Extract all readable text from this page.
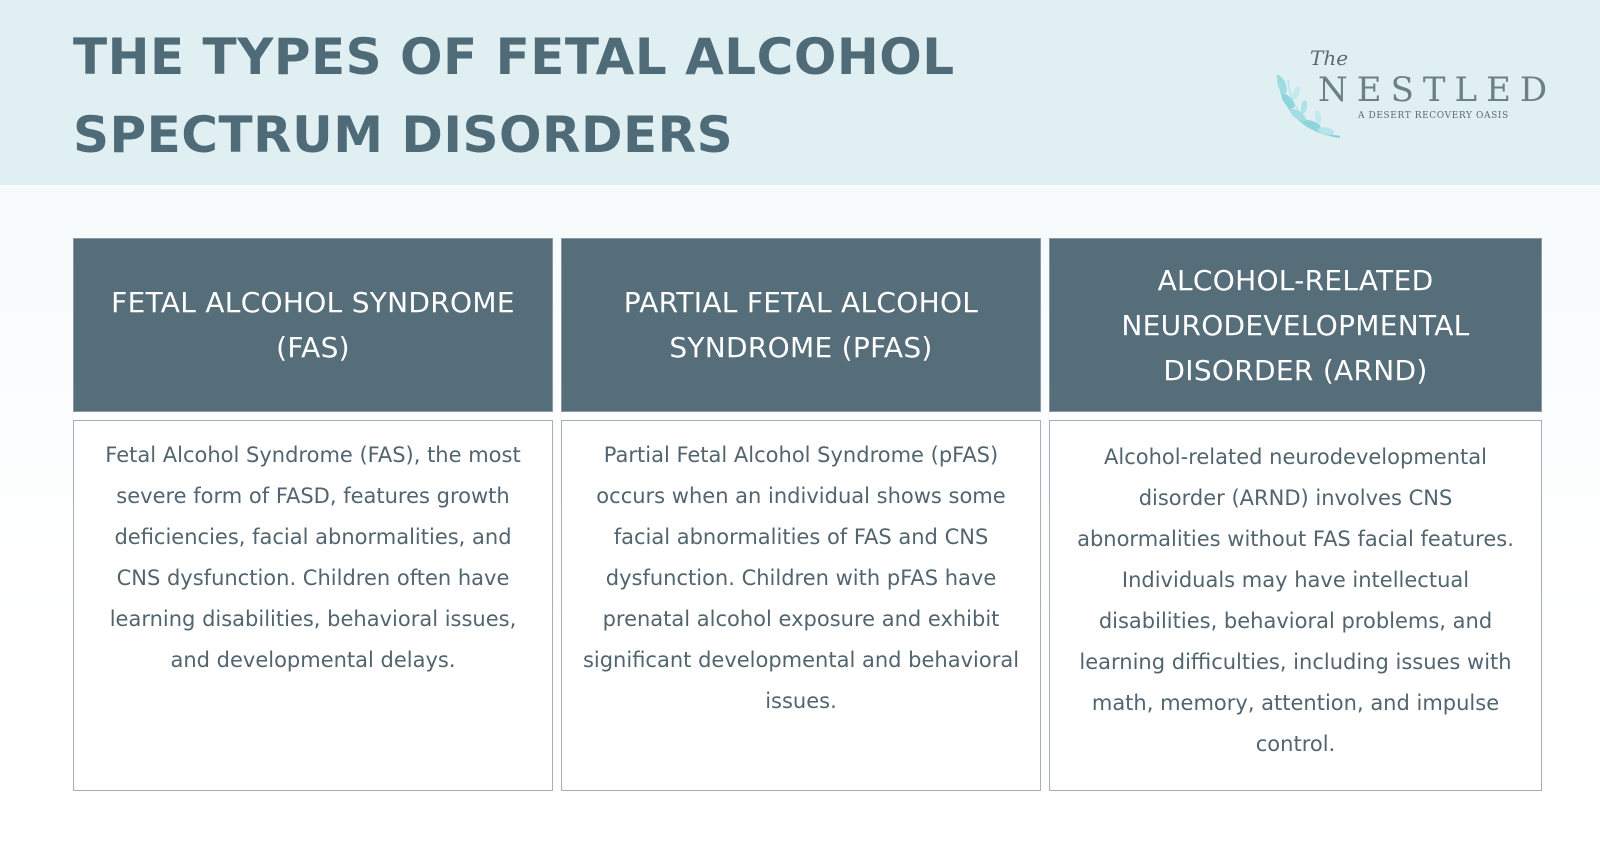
THE TYPES OF FETAL ALCOHOL
SPECTRUM DISORDERS
The
NESTLED
A DESERT RECOVERY OASIS
FETAL ALCOHOL SYNDROME (FAS)
PARTIAL FETAL ALCOHOL SYNDROME (PFAS)
ALCOHOL-RELATED NEURODEVELOPMENTAL DISORDER (ARND)
Fetal Alcohol Syndrome (FAS), the most severe form of FASD, features growth deficiencies, facial abnormalities, and CNS dysfunction. Children often have learning disabilities, behavioral issues, and developmental delays.
Partial Fetal Alcohol Syndrome (pFAS) occurs when an individual shows some facial abnormalities of FAS and CNS dysfunction. Children with pFAS have prenatal alcohol exposure and exhibit significant developmental and behavioral issues.
Alcohol-related neurodevelopmental disorder (ARND) involves CNS abnormalities without FAS facial features. Individuals may have intellectual disabilities, behavioral problems, and learning difficulties, including issues with math, memory, attention, and impulse control.
